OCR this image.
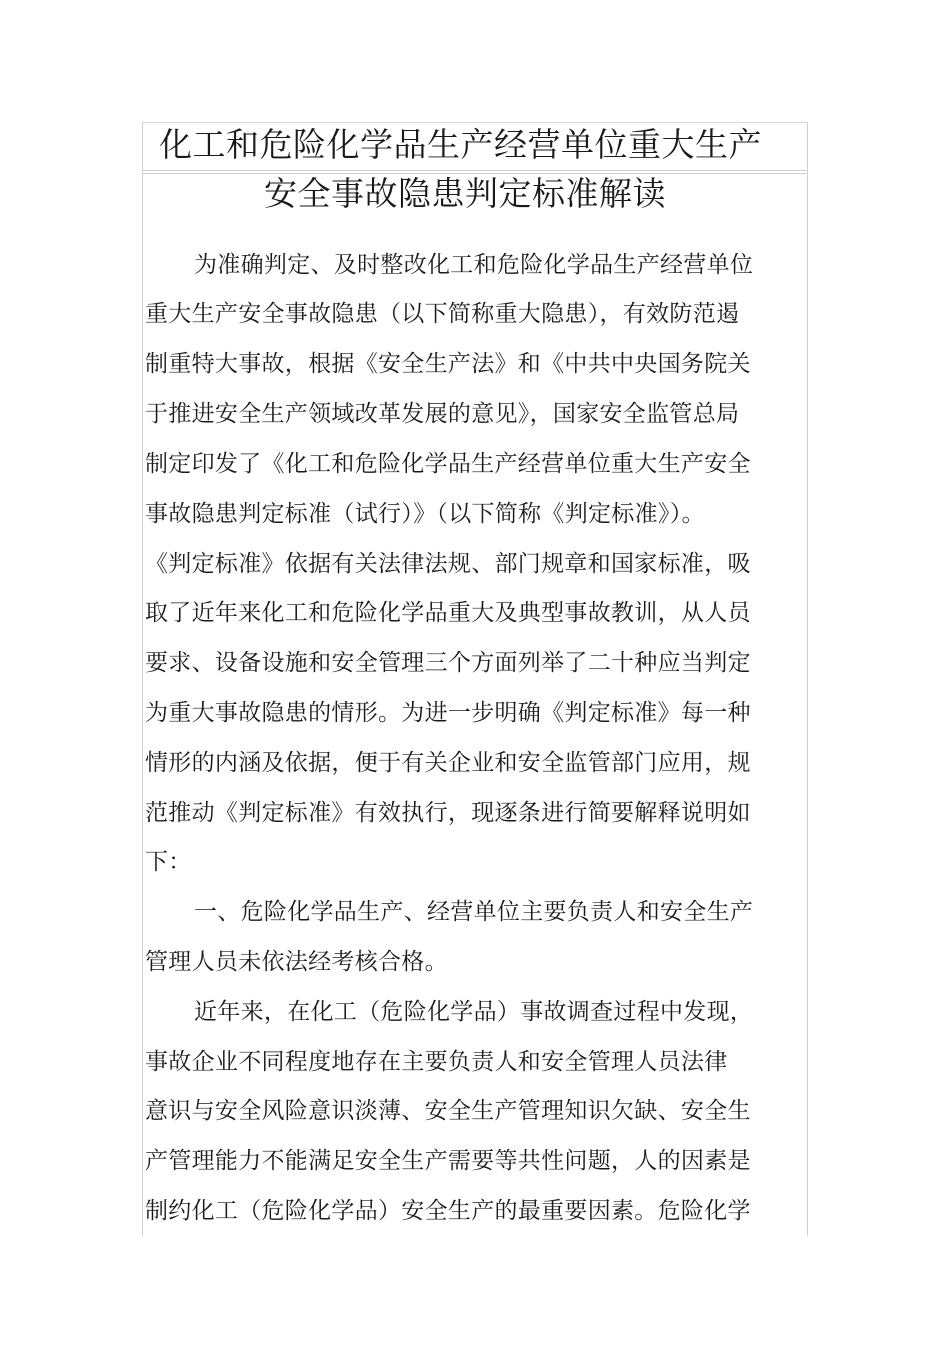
化工和危险化学品生产经营单位重大生产
安全事故隐患判定标准解读
为准确判定、及时整改化工和危险化学品生产经营单位
重大生产安全事故隐患（以下简称重大隐患），有效防范遏
制重特大事故，根据《安全生产法》和《中共中央国务院关
于推进安全生产领域改革发展的意见》，国家安全监管总局
制定印发了《化工和危险化学品生产经营单位重大生产安全
事故隐患判定标准（试行）》（以下简称《判定标准》）。
《判定标准》依据有关法律法规、部门规章和国家标准，吸
取了近年来化工和危险化学品重大及典型事故教训，从人员
要求、设备设施和安全管理三个方面列举了二十种应当判定
为重大事故隐患的情形。为进一步明确《判定标准》每一种
情形的内涵及依据，便于有关企业和安全监管部门应用，规
范推动《判定标准》有效执行，现逐条进行简要解释说明如
下：
一、危险化学品生产、经营单位主要负责人和安全生产
管理人员未依法经考核合格。
近年来，在化工（危险化学品）事故调查过程中发现，
事故企业不同程度地存在主要负责人和安全管理人员法律
意识与安全风险意识淡薄、安全生产管理知识欠缺、安全生
产管理能力不能满足安全生产需要等共性问题，人的因素是
制约化工（危险化学品）安全生产的最重要因素。危险化学
